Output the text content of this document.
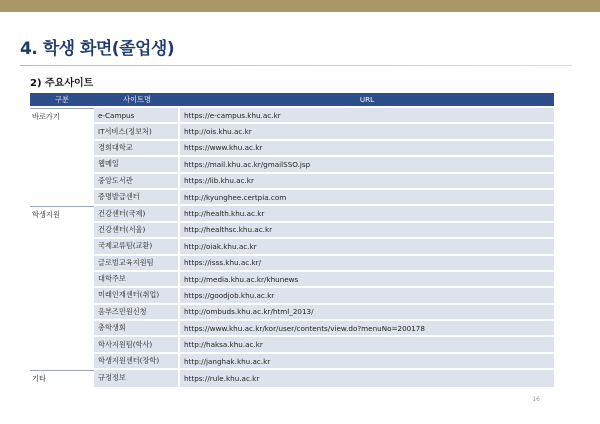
4. 학생 화면(졸업생)
2) 주요사이트
구분	사이트명	URL
바로가기	e-Campus	https://e-campus.khu.ac.kr
	IT서비스(정보처)	http://ois.khu.ac.kr
	경희대학교	https://www.khu.ac.kr
	웹메일	https://mail.khu.ac.kr/gmailSSO.jsp
	중앙도서관	https://lib.khu.ac.kr
	증명발급센터	http://kyunghee.certpia.com
학생지원	건강센터(국제)	http://health.khu.ac.kr
	건강센터(서울)	http://healthsc.khu.ac.kr
	국제교류팀(교환)	http://oiak.khu.ac.kr
	글로벌교육지원팀	https://isss.khu.ac.kr/
	대학주보	http://media.khu.ac.kr/khunews
	미래인재센터(취업)	https://goodjob.khu.ac.kr
	옴부즈민원신청	http://ombuds.khu.ac.kr/html_2013/
	총학생회	https://www.khu.ac.kr/kor/user/contents/view.do?menuNo=200178
	학사지원팀(학사)	http://haksa.khu.ac.kr
	학생지원센터(장학)	http://janghak.khu.ac.kr
기타	규정정보	https://rule.khu.ac.kr
16
